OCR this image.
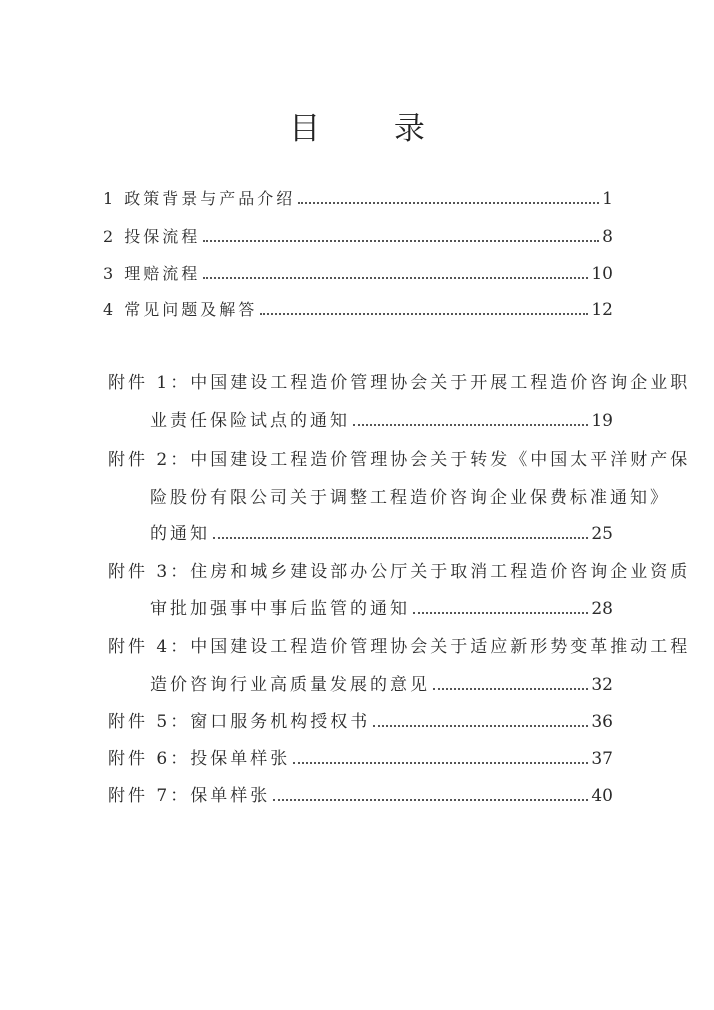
目 录
1 政策背景与产品介绍	1
2 投保流程	8
3 理赔流程	10
4 常见问题及解答	12
附件 1：中国建设工程造价管理协会关于开展工程造价咨询企业职
业责任保险试点的通知	19
附件 2：中国建设工程造价管理协会关于转发《中国太平洋财产保
险股份有限公司关于调整工程造价咨询企业保费标准通知》
的通知	25
附件 3：住房和城乡建设部办公厅关于取消工程造价咨询企业资质
审批加强事中事后监管的通知	28
附件 4：中国建设工程造价管理协会关于适应新形势变革推动工程
造价咨询行业高质量发展的意见	32
附件 5：窗口服务机构授权书	36
附件 6：投保单样张	37
附件 7：保单样张	40
